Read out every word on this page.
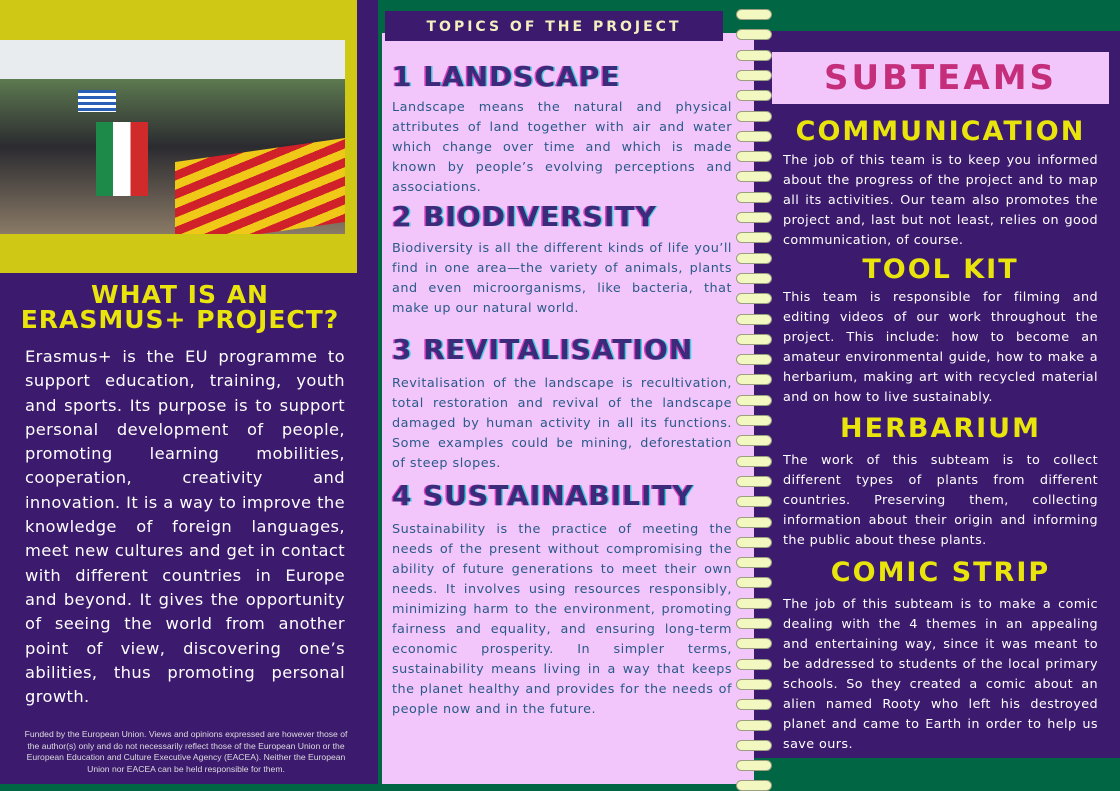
WHAT IS AN
ERASMUS+ PROJECT?

Erasmus+ is the EU programme to support education, training, youth and sports. Its purpose is to support personal development of people, promoting learning mobilities, cooperation, creativity and innovation. It is a way to improve the knowledge of foreign languages, meet new cultures and get in contact with different countries in Europe and beyond. It gives the opportunity of seeing the world from another point of view, discovering one’s abilities, thus promoting personal growth.

Funded by the European Union. Views and opinions expressed are however those of the author(s) only and do not necessarily reflect those of the European Union or the European Education and Culture Executive Agency (EACEA). Neither the European Union nor EACEA can be held responsible for them.

TOPICS OF THE PROJECT
1 LANDSCAPE

Landscape means the natural and physical attributes of land together with air and water which change over time and which is made known by people’s evolving perceptions and associations.

2 BIODIVERSITY

Biodiversity is all the different kinds of life you’ll find in one area—the variety of animals, plants and even microorganisms, like bacteria, that make up our natural world.

3 REVITALISATION

Revitalisation of the landscape is recultivation, total restoration and revival of the landscape damaged by human activity in all its functions. Some examples could be mining, deforestation of steep slopes.

4 SUSTAINABILITY

Sustainability is the practice of meeting the needs of the present without compromising the ability of future generations to meet their own needs. It involves using resources responsibly, minimizing harm to the environment, promoting fairness and equality, and ensuring long-term economic prosperity. In simpler terms, sustainability means living in a way that keeps the planet healthy and provides for the needs of people now and in the future.

SUBTEAMS
COMMUNICATION

The job of this team is to keep you informed about the progress of the project and to map all its activities. Our team also promotes the project and, last but not least, relies on good communication, of course.

TOOL KIT

This team is responsible for filming and editing videos of our work throughout the project. This include: how to become an amateur environmental guide, how to make a herbarium, making art with recycled material and on how to live sustainably.

HERBARIUM

The work of this subteam is to collect different types of plants from different countries. Preserving them, collecting information about their origin and informing the public about these plants.

COMIC STRIP

The job of this subteam is to make a comic dealing with the 4 themes in an appealing and entertaining way, since it was meant to be addressed to students of the local primary schools. So they created a comic about an alien named Rooty who left his destroyed planet and came to Earth in order to help us save ours.
